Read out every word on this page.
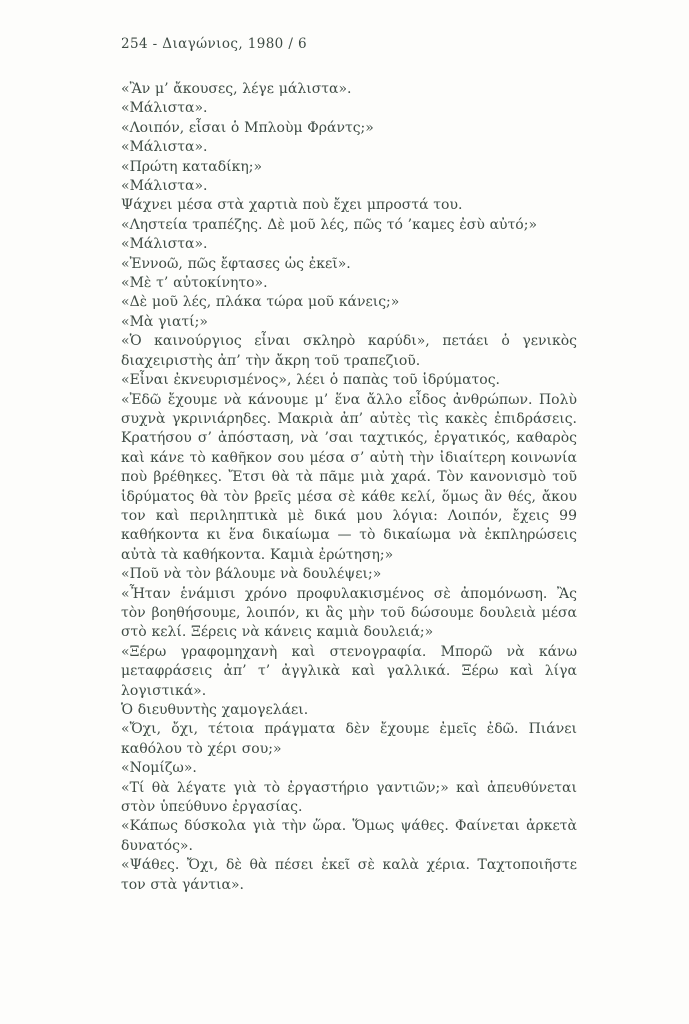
254 - Διαγώνιος, 1980 / 6

«Ἂν μ’ ἄκουσες, λέγε μάλιστα».

«Μάλιστα».

«Λοιπόν, εἶσαι ὁ Μπλοὺμ Φράντς;»

«Μάλιστα».

«Πρώτη καταδίκη;»

«Μάλιστα».

Ψάχνει μέσα στὰ χαρτιὰ ποὺ ἔχει μπροστά του.

«Ληστεία τραπέζης. Δὲ μοῦ λές, πῶς τό ’καμες ἐσὺ αὐτό;»

«Μάλιστα».

«Ἐννοῶ, πῶς ἔφτασες ὡς ἐκεῖ».

«Μὲ τ’ αὐτοκίνητο».

«Δὲ μοῦ λές, πλάκα τώρα μοῦ κάνεις;»

«Μὰ γιατί;»

«Ὁ καινούργιος εἶναι σκληρὸ καρύδι», πετάει ὁ γενικὸς διαχειριστὴς ἀπ’ τὴν ἄκρη τοῦ τραπεζιοῦ.

«Εἶναι ἐκνευρισμένος», λέει ὁ παπὰς τοῦ ἱδρύματος.

«Ἐδῶ ἔχουμε νὰ κάνουμε μ’ ἕνα ἄλλο εἶδος ἀνθρώπων. Πολὺ συχνὰ γκρινιάρηδες. Μακριὰ ἀπ’ αὐτὲς τὶς κακὲς ἐπιδράσεις. Κρατήσου σ’ ἀπόσταση, νὰ ’σαι ταχτικός, ἐργατικός, καθαρὸς καὶ κάνε τὸ καθῆκον σου μέσα σ’ αὐτὴ τὴν ἰδιαίτερη κοινωνία ποὺ βρέθηκες. Ἔτσι θὰ τὰ πᾶμε μιὰ χαρά. Τὸν κανονισμὸ τοῦ ἱδρύματος θὰ τὸν βρεῖς μέσα σὲ κάθε κελί, ὅμως ἂν θές, ἄκου τον καὶ περιληπτικὰ μὲ δικά μου λόγια: Λοιπόν, ἔχεις 99 καθήκοντα κι ἕνα δικαίωμα — τὸ δικαίωμα νὰ ἐκπληρώσεις αὐτὰ τὰ καθήκοντα. Καμιὰ ἐρώτηση;»

«Ποῦ νὰ τὸν βάλουμε νὰ δουλέψει;»

«Ἦταν ἑνάμισι χρόνο προφυλακισμένος σὲ ἀπομόνωση. Ἂς τὸν βοηθήσουμε, λοιπόν, κι ἂς μὴν τοῦ δώσουμε δουλειὰ μέσα στὸ κελί. Ξέρεις νὰ κάνεις καμιὰ δουλειά;»

«Ξέρω γραφομηχανὴ καὶ στενογραφία. Μπορῶ νὰ κάνω μεταφράσεις ἀπ’ τ’ ἀγγλικὰ καὶ γαλλικά. Ξέρω καὶ λίγα λογιστικά».

Ὁ διευθυντὴς χαμογελάει.

«Ὄχι, ὄχι, τέτοια πράγματα δὲν ἔχουμε ἐμεῖς ἐδῶ. Πιάνει καθόλου τὸ χέρι σου;»

«Νομίζω».

«Τί θὰ λέγατε γιὰ τὸ ἐργαστήριο γαντιῶν;» καὶ ἀπευθύνεται στὸν ὑπεύθυνο ἐργασίας.

«Κάπως δύσκολα γιὰ τὴν ὥρα. Ὅμως ψάθες. Φαίνεται ἀρκετὰ δυνατός».

«Ψάθες. Ὄχι, δὲ θὰ πέσει ἐκεῖ σὲ καλὰ χέρια. Ταχτοποιῆστε τον στὰ γάντια».
